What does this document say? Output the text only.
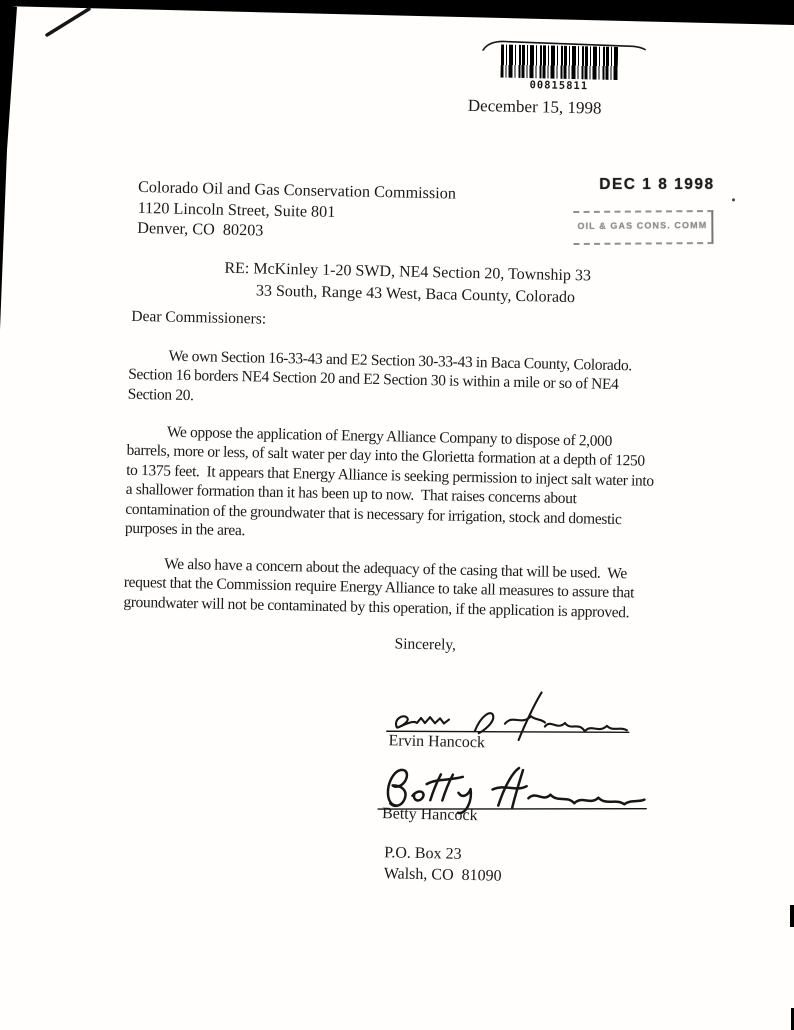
00815811
December 15, 1998
Colorado Oil and Gas Conservation Commission
1120 Lincoln Street, Suite 801
Denver, CO  80203
DEC 1 8 1998
OIL & GAS CONS. COMM
RE: McKinley 1-20 SWD, NE4 Section 20, Township 33
33 South, Range 43 West, Baca County, Colorado
Dear Commissioners:
We own Section 16-33-43 and E2 Section 30-33-43 in Baca County, Colorado.
Section 16 borders NE4 Section 20 and E2 Section 30 is within a mile or so of NE4
Section 20.
We oppose the application of Energy Alliance Company to dispose of 2,000
barrels, more or less, of salt water per day into the Glorietta formation at a depth of 1250
to 1375 feet.  It appears that Energy Alliance is seeking permission to inject salt water into
a shallower formation than it has been up to now.  That raises concerns about
contamination of the groundwater that is necessary for irrigation, stock and domestic
purposes in the area.
We also have a concern about the adequacy of the casing that will be used.  We
request that the Commission require Energy Alliance to take all measures to assure that
groundwater will not be contaminated by this operation, if the application is approved.
Sincerely,
Ervin Hancock
Betty Hancock
P.O. Box 23
Walsh, CO  81090
